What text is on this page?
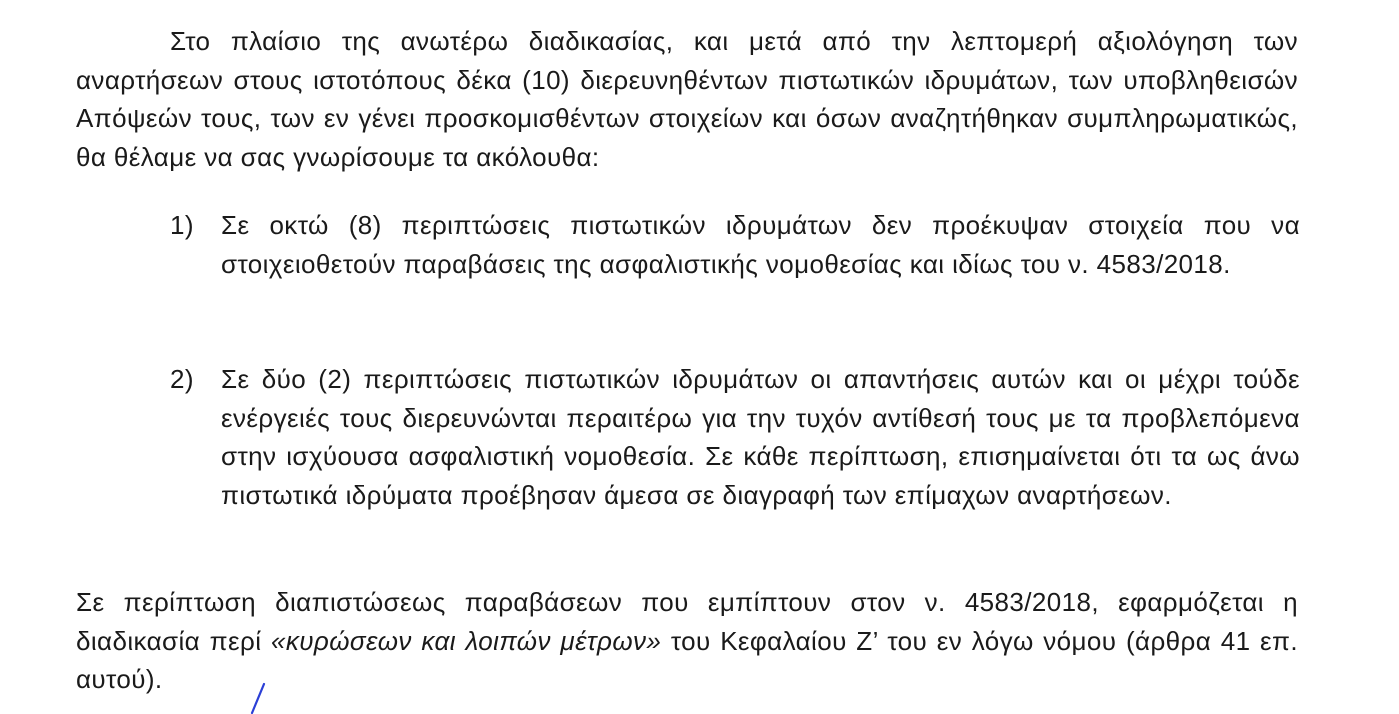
Στο πλαίσιο της ανωτέρω διαδικασίας, και μετά από την λεπτομερή αξιολόγηση των αναρτήσεων στους ιστοτόπους δέκα (10) διερευνηθέντων πιστωτικών ιδρυμάτων, των υποβληθεισών Απόψεών τους, των εν γένει προσκομισθέντων στοιχείων και όσων αναζητήθηκαν συμπληρωματικώς, θα θέλαμε να σας γνωρίσουμε τα ακόλουθα:
1) Σε οκτώ (8) περιπτώσεις πιστωτικών ιδρυμάτων δεν προέκυψαν στοιχεία που να στοιχειοθετούν παραβάσεις της ασφαλιστικής νομοθεσίας και ιδίως του ν. 4583/2018.
2) Σε δύο (2) περιπτώσεις πιστωτικών ιδρυμάτων οι απαντήσεις αυτών και οι μέχρι τούδε ενέργειές τους διερευνώνται περαιτέρω για την τυχόν αντίθεσή τους με τα προβλεπόμενα στην ισχύουσα ασφαλιστική νομοθεσία. Σε κάθε περίπτωση, επισημαίνεται ότι τα ως άνω πιστωτικά ιδρύματα προέβησαν άμεσα σε διαγραφή των επίμαχων αναρτήσεων.
Σε περίπτωση διαπιστώσεως παραβάσεων που εμπίπτουν στον ν. 4583/2018, εφαρμόζεται η διαδικασία περί «κυρώσεων και λοιπών μέτρων» του Κεφαλαίου Ζ’ του εν λόγω νόμου (άρθρα 41 επ. αυτού).
